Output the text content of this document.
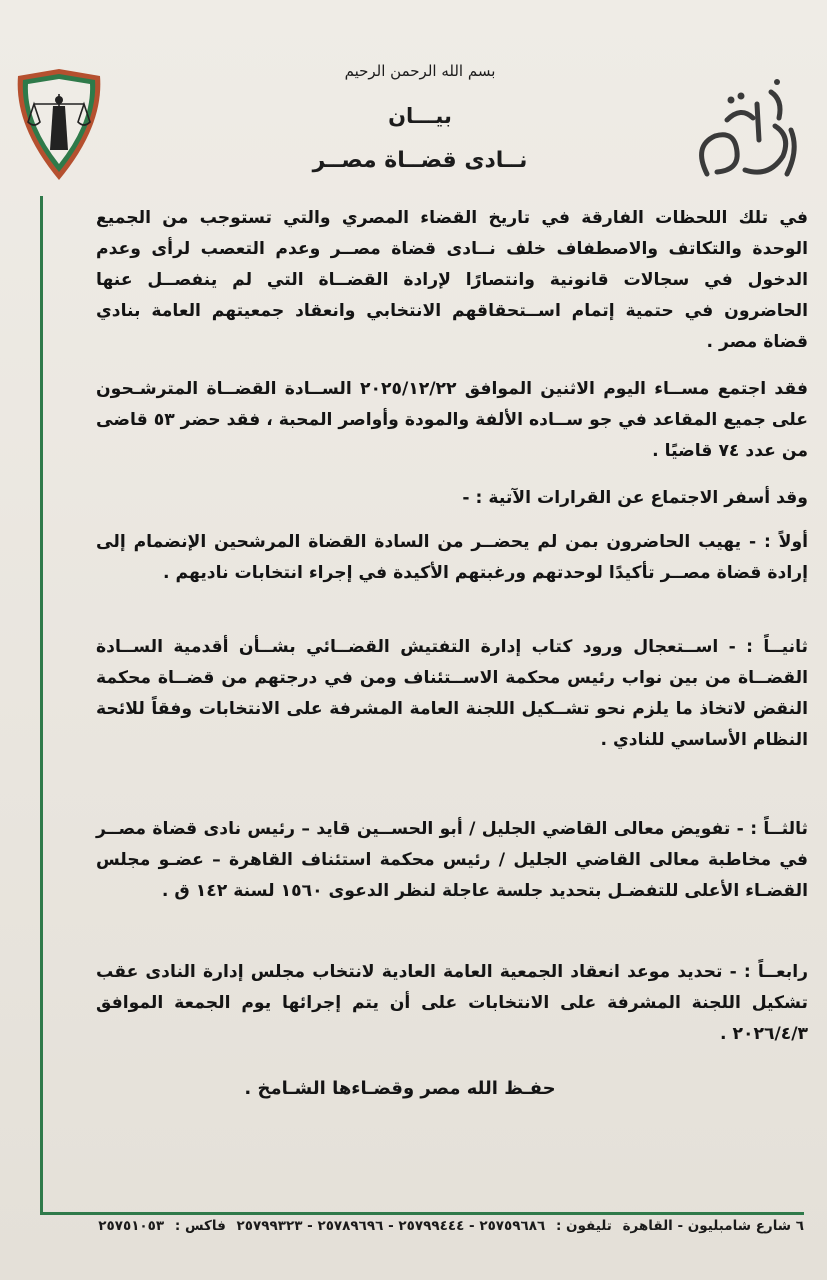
بسم الله الرحمن الرحيم
بيـــان
نــادى قضــاة مصــر

في تلك اللحظات الفارقة في تاريخ القضاء المصري والتي تستوجب من الجميع الوحدة والتكاتف والاصطفاف خلف نــادى قضاة مصــر وعدم التعصب لرأى وعدم الدخول في سجالات قانونية وانتصارًا لإرادة القضــاة التي لم ينفصــل عنها الحاضرون في حتمية إتمام اســتحقاقهم الانتخابي وانعقاد جمعيتهم العامة بنادي قضاة مصر .

فقد اجتمع مســاء اليوم الاثنين الموافق ٢٠٢٥/١٢/٢٢ الســادة القضــاة المترشـحون على جميع المقاعد في جو ســاده الألفة والمودة وأواصر المحبة ، فقد حضر ٥٣ قاضى من عدد ٧٤ قاضيًا .

وقد أسفر الاجتماع عن القرارات الآتية : -

أولاً : - يهيب الحاضرون بمن لم يحضــر من السادة القضاة المرشحين الإنضمام إلى إرادة قضاة مصــر تأكيدًا لوحدتهم ورغبتهم الأكيدة في إجراء انتخابات ناديهم .

ثانيــاً : - اســتعجال ورود كتاب إدارة التفتيش القضــائي بشــأن أقدمية الســادة القضــاة من بين نواب رئيس محكمة الاســتئناف ومن في درجتهم من قضــاة محكمة النقض لاتخاذ ما يلزم نحو تشــكيل اللجنة العامة المشرفة على الانتخابات وفقاً للائحة النظام الأساسي للنادي .

ثالثــاً : - تفويض معالى القاضي الجليل / أبو الحســين قايد – رئيس نادى قضاة مصــر في مخاطبة معالى القاضي الجليل / رئيس محكمة استئناف القاهرة – عضـو مجلس القضـاء الأعلى للتفضـل بتحديد جلسة عاجلة لنظر الدعوى ١٥٦٠ لسنة ١٤٢ ق .

رابعــاً : - تحديد موعد انعقاد الجمعية العامة العادية لانتخاب مجلس إدارة النادى عقب تشكيل اللجنة المشرفة على الانتخابات على أن يتم إجرائها يوم الجمعة الموافق ٢٠٢٦/٤/٣ .

حفـظ الله مصر وقضـاءها الشـامخ .
٦ شارع شامبليون - القاهرة تليفون : ٢٥٧٥٩٦٨٦ - ٢٥٧٩٩٤٤٤ - ٢٥٧٨٩٦٩٦ - ٢٥٧٩٩٣٢٣ فاكس : ٢٥٧٥١٠٥٣
